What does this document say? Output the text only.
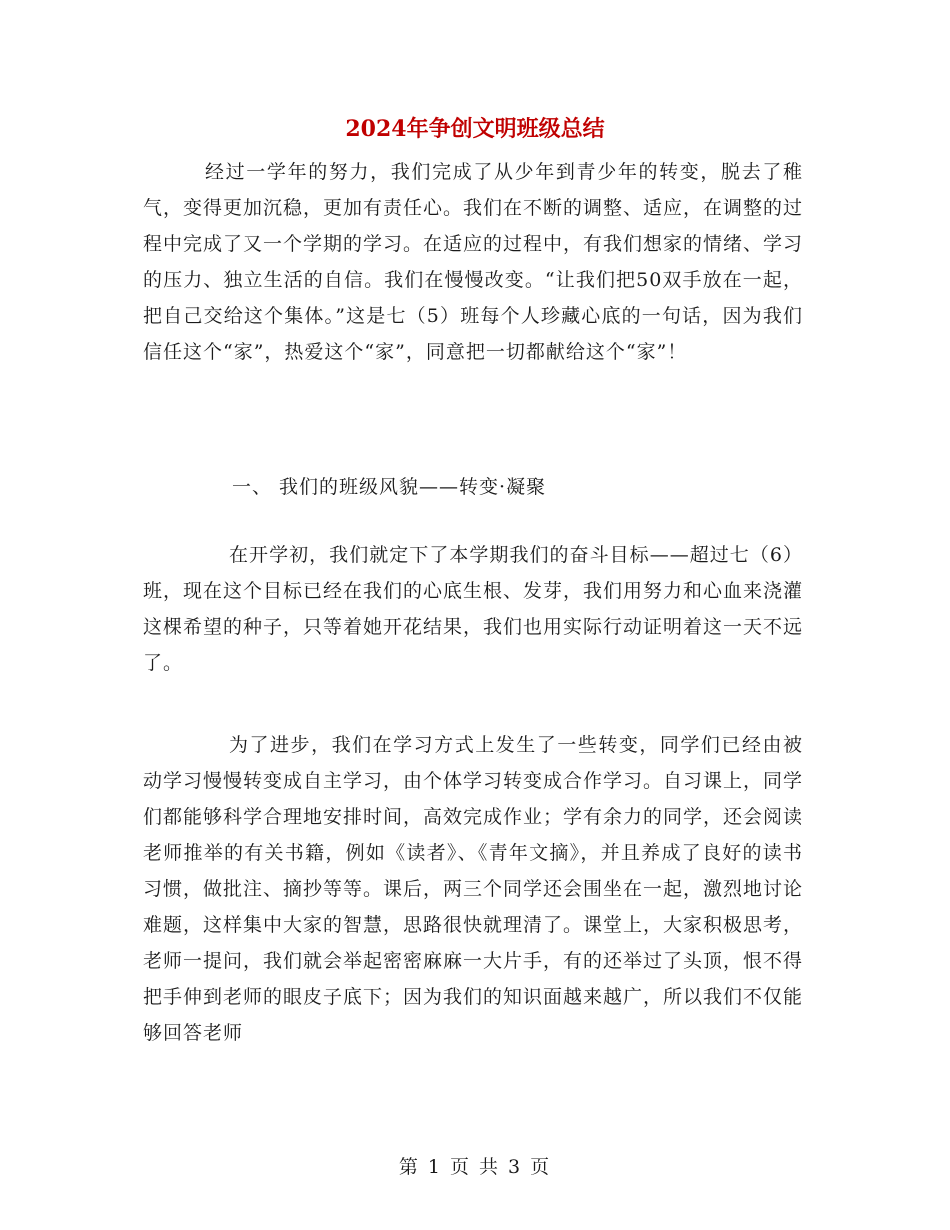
2024年争创文明班级总结

经过一学年的努力，我们完成了从少年到青少年的转变，脱去了稚气，变得更加沉稳，更加有责任心。我们在不断的调整、适应，在调整的过程中完成了又一个学期的学习。在适应的过程中，有我们想家的情绪、学习的压力、独立生活的自信。我们在慢慢改变。“让我们把50双手放在一起，把自己交给这个集体。”这是七（5）班每个人珍藏心底的一句话，因为我们信任这个“家”，热爱这个“家”，同意把一切都献给这个“家”！

一、 我们的班级风貌——转变·凝聚

在开学初，我们就定下了本学期我们的奋斗目标——超过七（6）班，现在这个目标已经在我们的心底生根、发芽，我们用努力和心血来浇灌这棵希望的种子，只等着她开花结果，我们也用实际行动证明着这一天不远了。

为了进步，我们在学习方式上发生了一些转变，同学们已经由被动学习慢慢转变成自主学习，由个体学习转变成合作学习。自习课上，同学们都能够科学合理地安排时间，高效完成作业；学有余力的同学，还会阅读老师推举的有关书籍，例如《读者》、《青年文摘》，并且养成了良好的读书习惯，做批注、摘抄等等。课后，两三个同学还会围坐在一起，激烈地讨论难题，这样集中大家的智慧，思路很快就理清了。课堂上，大家积极思考，老师一提问，我们就会举起密密麻麻一大片手，有的还举过了头顶，恨不得把手伸到老师的眼皮子底下；因为我们的知识面越来越广，所以我们不仅能够回答老师

第 1 页 共 3 页
